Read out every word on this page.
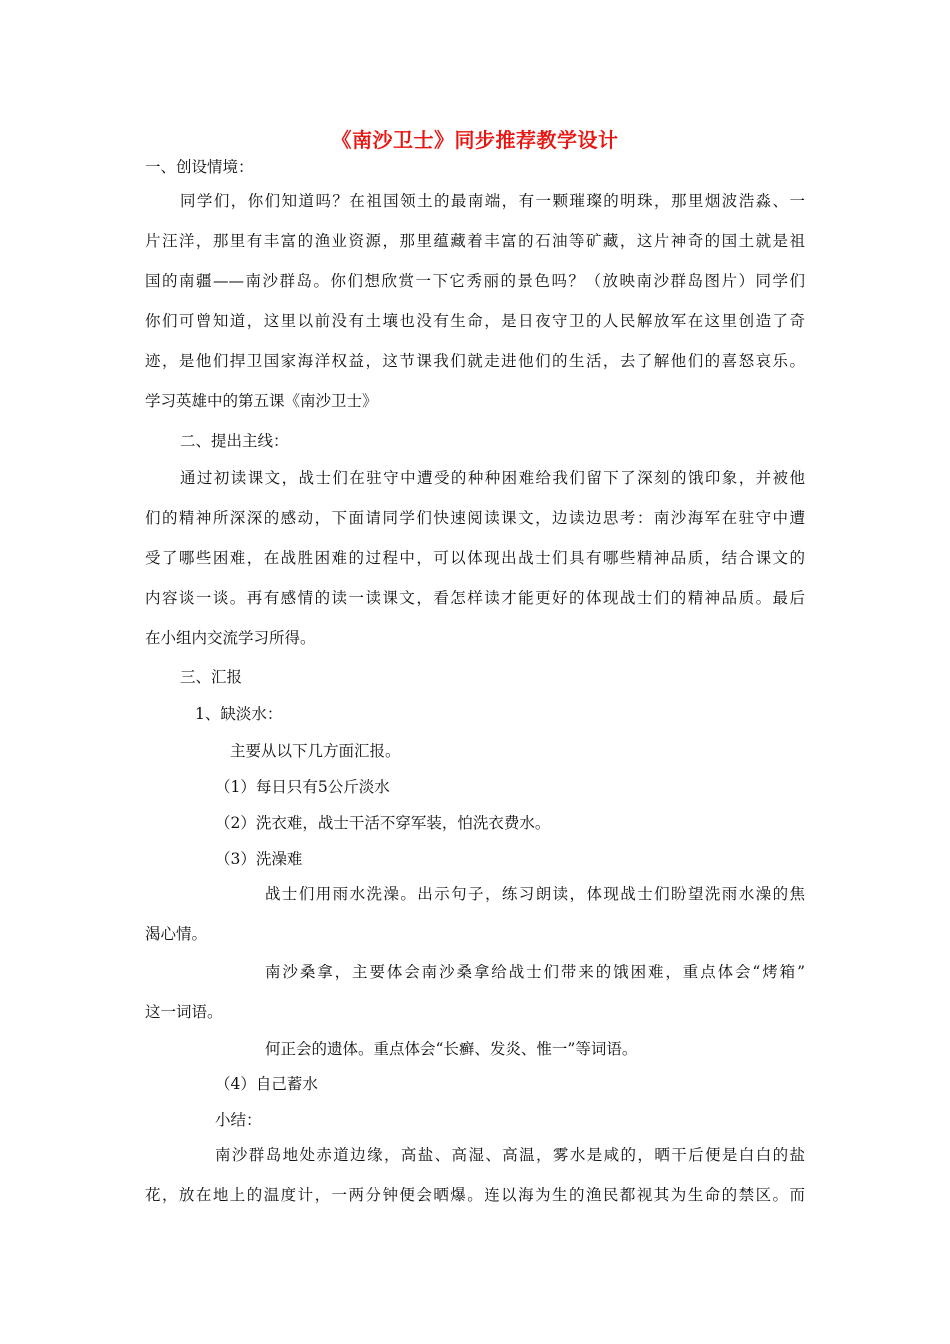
《南沙卫士》同步推荐教学设计
一、创设情境：
同学们，你们知道吗？在祖国领土的最南端，有一颗璀璨的明珠，那里烟波浩淼、一
片汪洋，那里有丰富的渔业资源，那里蕴藏着丰富的石油等矿藏，这片神奇的国土就是祖
国的南疆——南沙群岛。你们想欣赏一下它秀丽的景色吗？（放映南沙群岛图片）同学们
你们可曾知道，这里以前没有土壤也没有生命，是日夜守卫的人民解放军在这里创造了奇
迹，是他们捍卫国家海洋权益，这节课我们就走进他们的生活，去了解他们的喜怒哀乐。
学习英雄中的第五课《南沙卫士》
二、提出主线：
通过初读课文，战士们在驻守中遭受的种种困难给我们留下了深刻的饿印象，并被他
们的精神所深深的感动，下面请同学们快速阅读课文，边读边思考：南沙海军在驻守中遭
受了哪些困难，在战胜困难的过程中，可以体现出战士们具有哪些精神品质，结合课文的
内容谈一谈。再有感情的读一读课文，看怎样读才能更好的体现战士们的精神品质。最后
在小组内交流学习所得。
三、汇报
1、缺淡水：
主要从以下几方面汇报。
（1）每日只有5公斤淡水
（2）洗衣难，战士干活不穿军装，怕洗衣费水。
（3）洗澡难
战士们用雨水洗澡。出示句子，练习朗读，体现战士们盼望洗雨水澡的焦
渴心情。
南沙桑拿，主要体会南沙桑拿给战士们带来的饿困难，重点体会“烤箱”
这一词语。
何正会的遗体。重点体会“长癣、发炎、惟一”等词语。
（4）自己蓄水
小结：
南沙群岛地处赤道边缘，高盐、高湿、高温，雾水是咸的，晒干后便是白白的盐
花，放在地上的温度计，一两分钟便会晒爆。连以海为生的渔民都视其为生命的禁区。而
